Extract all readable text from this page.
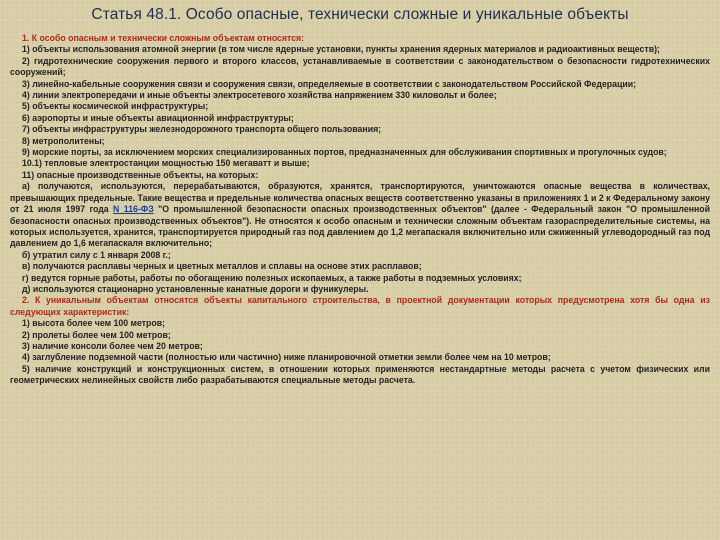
Статья 48.1. Особо опасные, технически сложные и уникальные объекты

1. К особо опасным и технически сложным объектам относятся:

1) объекты использования атомной энергии (в том числе ядерные установки, пункты хранения ядерных материалов и радиоактивных веществ);

2) гидротехнические сооружения первого и второго классов, устанавливаемые в соответствии с законодательством о безопасности гидротехнических сооружений;

3) линейно-кабельные сооружения связи и сооружения связи, определяемые в соответствии с законодательством Российской Федерации;

4) линии электропередачи и иные объекты электросетевого хозяйства напряжением 330 киловольт и более;

5) объекты космической инфраструктуры;

6) аэропорты и иные объекты авиационной инфраструктуры;

7) объекты инфраструктуры железнодорожного транспорта общего пользования;

8) метрополитены;

9) морские порты, за исключением морских специализированных портов, предназначенных для обслуживания спортивных и прогулочных судов;

10.1) тепловые электростанции мощностью 150 мегаватт и выше;

11) опасные производственные объекты, на которых:

а) получаются, используются, перерабатываются, образуются, хранятся, транспортируются, уничтожаются опасные вещества в количествах, превышающих предельные. Такие вещества и предельные количества опасных веществ соответственно указаны в приложениях 1 и 2 к Федеральному закону от 21 июля 1997 года N 116-ФЗ "О промышленной безопасности опасных производственных объектов" (далее - Федеральный закон "О промышленной безопасности опасных производственных объектов"). Не относятся к особо опасным и технически сложным объектам газораспределительные системы, на которых используется, хранится, транспортируется природный газ под давлением до 1,2 мегапаскаля включительно или сжиженный углеводородный газ под давлением до 1,6 мегапаскаля включительно;

б) утратил силу с 1 января 2008 г.;

в) получаются расплавы черных и цветных металлов и сплавы на основе этих расплавов;

г) ведутся горные работы, работы по обогащению полезных ископаемых, а также работы в подземных условиях;

д) используются стационарно установленные канатные дороги и фуникулеры.

2. К уникальным объектам относятся объекты капитального строительства, в проектной документации которых предусмотрена хотя бы одна из следующих характеристик:

1) высота более чем 100 метров;

2) пролеты более чем 100 метров;

3) наличие консоли более чем 20 метров;

4) заглубление подземной части (полностью или частично) ниже планировочной отметки земли более чем на 10 метров;

5) наличие конструкций и конструкционных систем, в отношении которых применяются нестандартные методы расчета с учетом физических или геометрических нелинейных свойств либо разрабатываются специальные методы расчета.
